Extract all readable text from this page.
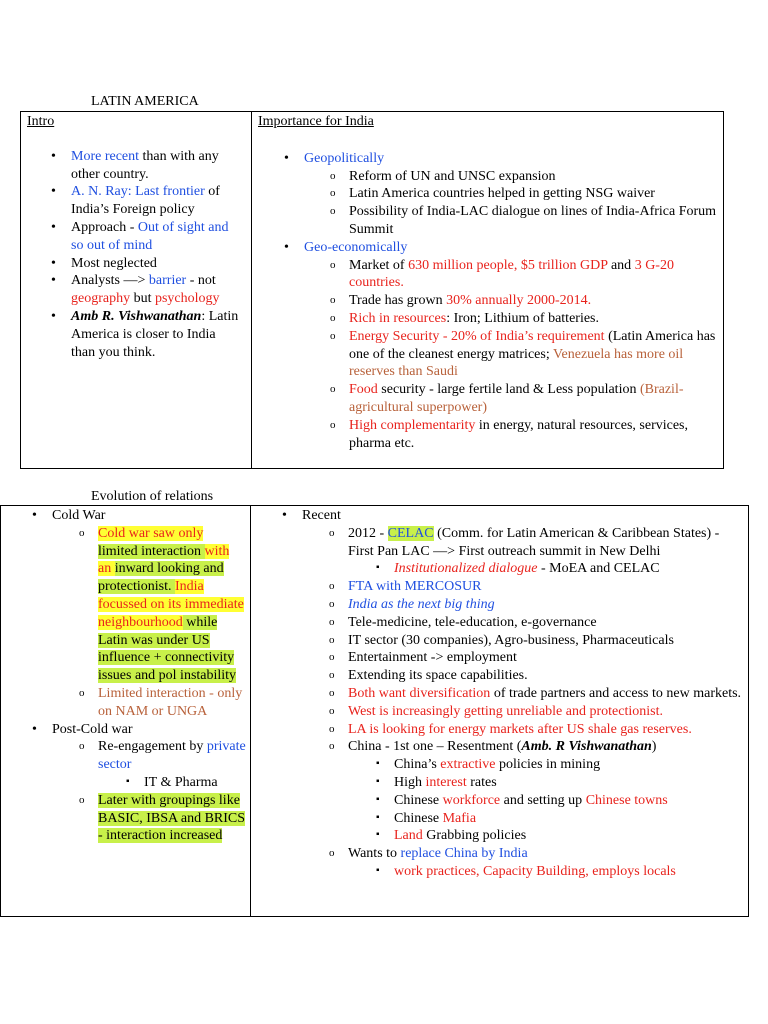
LATIN AMERICA
Intro
• More recent than with any other country.
• A. N. Ray: Last frontier of India’s Foreign policy
• Approach - Out of sight and so out of mind
• Most neglected
• Analysts —> barrier - not geography but psychology
• Amb R. Vishwanathan: Latin America is closer to India than you think.

Importance for India
• Geopolitically
o Reform of UN and UNSC expansion
o Latin America countries helped in getting NSG waiver
o Possibility of India-LAC dialogue on lines of India-Africa Forum Summit
• Geo-economically
o Market of 630 million people, $5 trillion GDP and 3 G-20 countries.
o Trade has grown 30% annually 2000-2014.
o Rich in resources: Iron; Lithium of batteries.
o Energy Security - 20% of India’s requirement (Latin America has one of the cleanest energy matrices; Venezuela has more oil reserves than Saudi
o Food security - large fertile land & Less population (Brazil-agricultural superpower)
o High complementarity in energy, natural resources, services, pharma etc.
Evolution of relations
• Cold War
o Cold war saw only limited interaction with an inward looking and protectionist. India focussed on its immediate neighbourhood while Latin was under US influence + connectivity issues and pol instability
o Limited interaction - only on NAM or UNGA
• Post-Cold war
o Re-engagement by private sector
▪ IT & Pharma
o Later with groupings like BASIC, IBSA and BRICS - interaction increased

• Recent
o 2012 - CELAC (Comm. for Latin American & Caribbean States) - First Pan LAC —> First outreach summit in New Delhi
▪ Institutionalized dialogue - MoEA and CELAC
o FTA with MERCOSUR
o India as the next big thing
o Tele-medicine, tele-education, e-governance
o IT sector (30 companies), Agro-business, Pharmaceuticals
o Entertainment -> employment
o Extending its space capabilities.
o Both want diversification of trade partners and access to new markets.
o West is increasingly getting unreliable and protectionist.
o LA is looking for energy markets after US shale gas reserves.
o China - 1st one – Resentment (Amb. R Vishwanathan)
▪ China’s extractive policies in mining
▪ High interest rates
▪ Chinese workforce and setting up Chinese towns
▪ Chinese Mafia
▪ Land Grabbing policies
o Wants to replace China by India
▪ work practices, Capacity Building, employs locals
